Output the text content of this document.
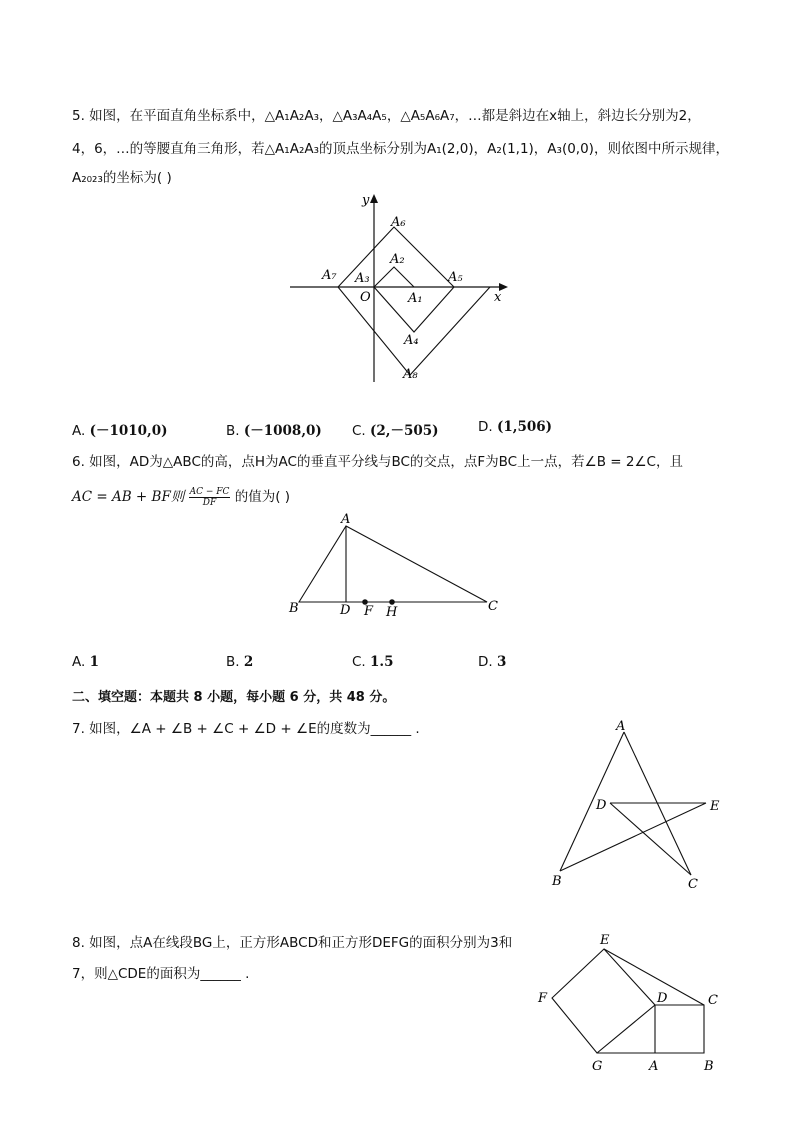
5. 如图，在平面直角坐标系中，△A₁A₂A₃，△A₃A₄A₅，△A₅A₆A₇，…都是斜边在x轴上，斜边长分别为2，
4，6，…的等腰直角三角形，若△A₁A₂A₃的顶点坐标分别为A₁(2,0)，A₂(1,1)，A₃(0,0)，则依图中所示规律，
A₂₀₂₃的坐标为( )
y
x
O	A₁
A₂
A₃
A₄
A₅
A₆
A₇
A₈
A. (－1010,0)	B. (－1008,0) C. (2,－505)	D. (1,506)
6. 如图，AD为△ABC的高，点H为AC的垂直平分线与BC的交点，点F为BC上一点，若∠B = 2∠C，且
AC = AB + BF则 $\frac{AC - FC}{DF}$ 的值为( )
A
B	D F H	C
A. 1	B. 2	C. 1.5	D. 3
二、填空题：本题共 8 小题，每小题 6 分，共 48 分。
7. 如图，∠A + ∠B + ∠C + ∠D + ∠E的度数为______ .	A
D	E
B	C
8. 如图，点A在线段BG上，正方形ABCD和正方形DEFG的面积分别为3和
7，则△CDE的面积为______ .
E
F	D	C
G	A	B
